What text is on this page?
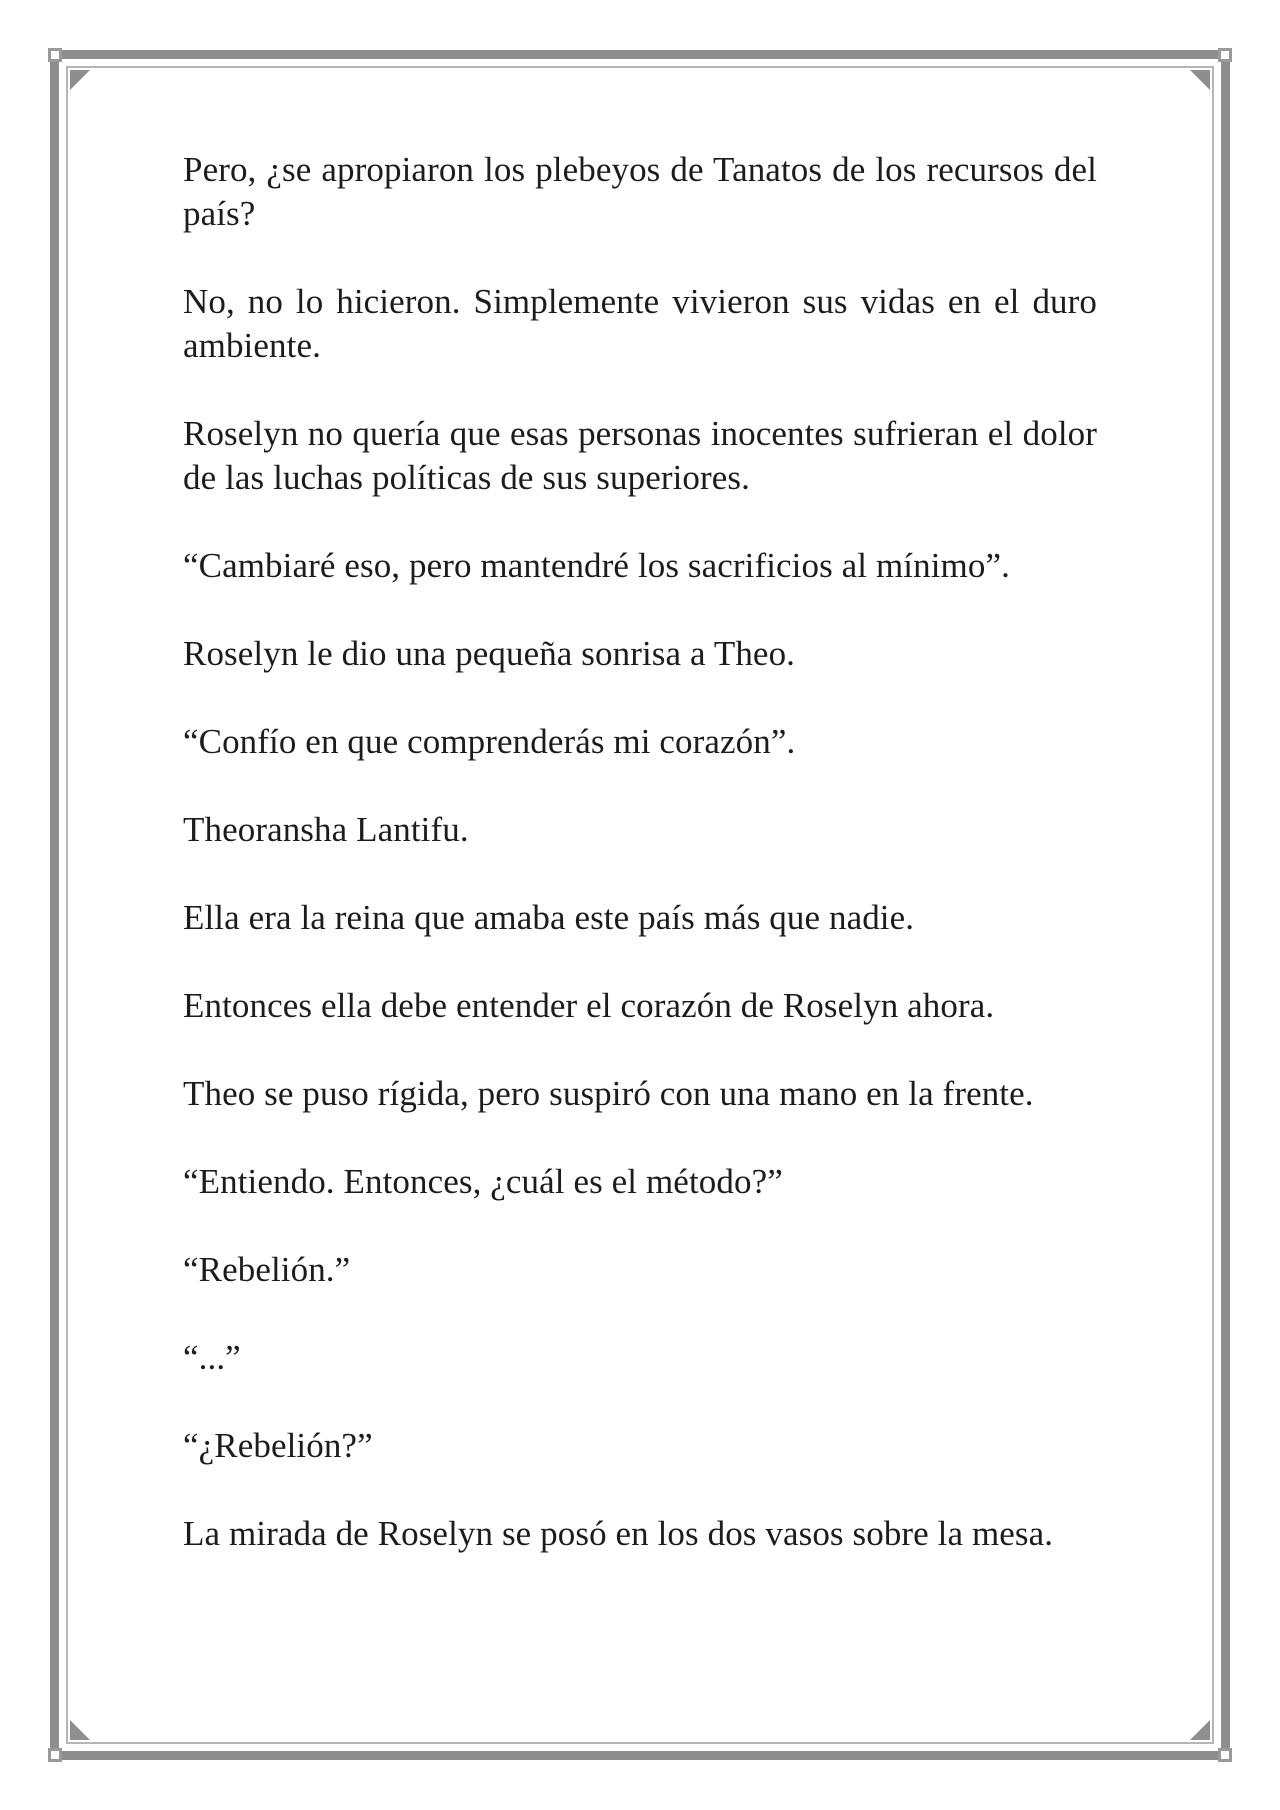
Pero, ¿se apropiaron los plebeyos de Tanatos de los recursos del país?

No, no lo hicieron. Simplemente vivieron sus vidas en el duro ambiente.

Roselyn no quería que esas personas inocentes sufrieran el dolor de las luchas políticas de sus superiores.

“Cambiaré eso, pero mantendré los sacrificios al mínimo”.

Roselyn le dio una pequeña sonrisa a Theo.

“Confío en que comprenderás mi corazón”.

Theoransha Lantifu.

Ella era la reina que amaba este país más que nadie.

Entonces ella debe entender el corazón de Roselyn ahora.

Theo se puso rígida, pero suspiró con una mano en la frente.

“Entiendo. Entonces, ¿cuál es el método?”

“Rebelión.”

“...”

“¿Rebelión?”

La mirada de Roselyn se posó en los dos vasos sobre la mesa.
